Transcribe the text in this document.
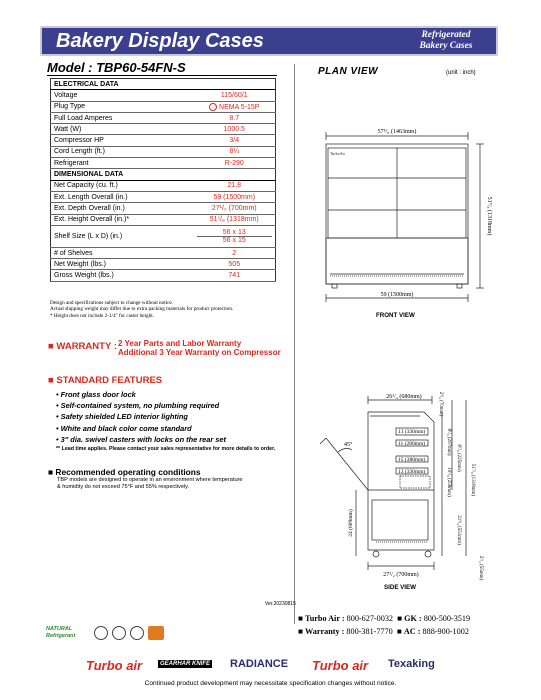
Bakery Display Cases	Refrigerated
Bakery Cases
Model : TBP60-54FN-S
ELECTRICAL DATA	
Voltage	115/60/1
Plug Type	NEMA 5-15P
Full Load Amperes	8.7
Watt (W)	1000.5
Compressor HP	3/4
Cord Length (ft.)	8¼
Refrigerant	R-290
DIMENSIONAL DATA	
Net Capacity (cu. ft.)	21.8
Ext. Length Overall (in.)	59 (1500mm)
Ext. Depth Overall (in.)	27¹/₂ (700mm)
Ext. Height Overall (in.)*	51⁷/₈ (1318mm)
Shelf Size (L x D) (in.)	56 x 13
56 x 15

# of Shelves	2
Net Weight (lbs.)	505
Gross Weight (lbs.)	741
Design and specifications subject to change without notice.
Actual shipping weight may differ due to extra packing materials for product protection.
* Height does not include 2-1/4" for caster height.
■ WARRANTY : 2 Year Parts and Labor Warranty
Additional 3 Year Warranty on Compressor
■ STANDARD FEATURES
• Front glass door lock
• Self-contained system, no plumbing required
• Safety shielded LED interior lighting
• White and black color come standard
• 3" dia. swivel casters with locks on the rear set
** Lead time applies. Please contact your sales representative for more details to order.
■ Recommended operating conditions
TBP models are designed to operate in an environment where temperature
& humidity do not exceed 75°F and 55% respectively.
PLAN VIEW	(unit : inch)
TurboAir
57⁵/₈ (1463mm)
59 (1500mm)
51⁷/₈ (1318mm)
FRONT VIEW
26¹/₄ (680mm)
13 (330mm)
11 (280mm)
15 (380mm)
13 (330mm)
45°
27¹/₂ (700mm)
24 (609mm)
2³/₄ (70mm)
8¹/₈ (207mm)
8⁷/₈ (225mm)
10¹/₈ (258mm)
21³/₄ (551mm)
51⁷/₈ (1318mm)
2¹/₄ (55mm)
SIDE VIEW
Ver.20230815
■ Turbo Air : 800-627-0032  ■ GK : 800-500-3519
■ Warranty : 800-381-7770  ■ AC : 888-900-1002
NATURAL
Refrigerant
Turbo air	GEARHAR KNIFE RADIANCE Turbo air Texaking
Continued product development may necessitate specification changes without notice.
